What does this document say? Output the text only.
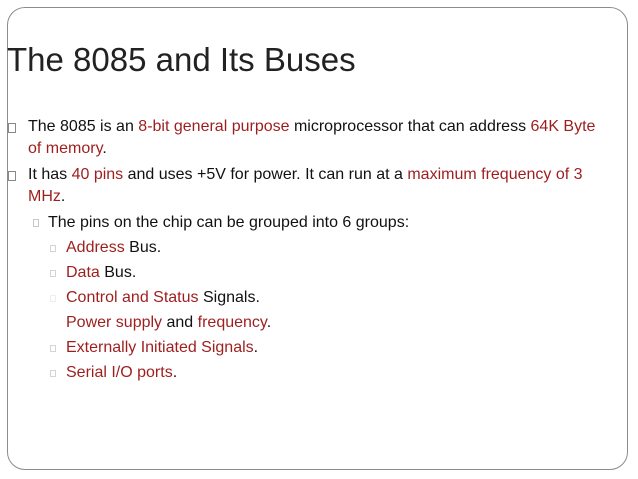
The 8085 and Its Buses
The 8085 is an 8-bit general purpose microprocessor that can address 64K Byte of memory.
It has 40 pins and uses +5V for power. It can run at a maximum frequency of 3 MHz.
The pins on the chip can be grouped into 6 groups:
Address Bus.
Data Bus.
Control and Status Signals.
Power supply and frequency.
Externally Initiated Signals.
Serial I/O ports.
